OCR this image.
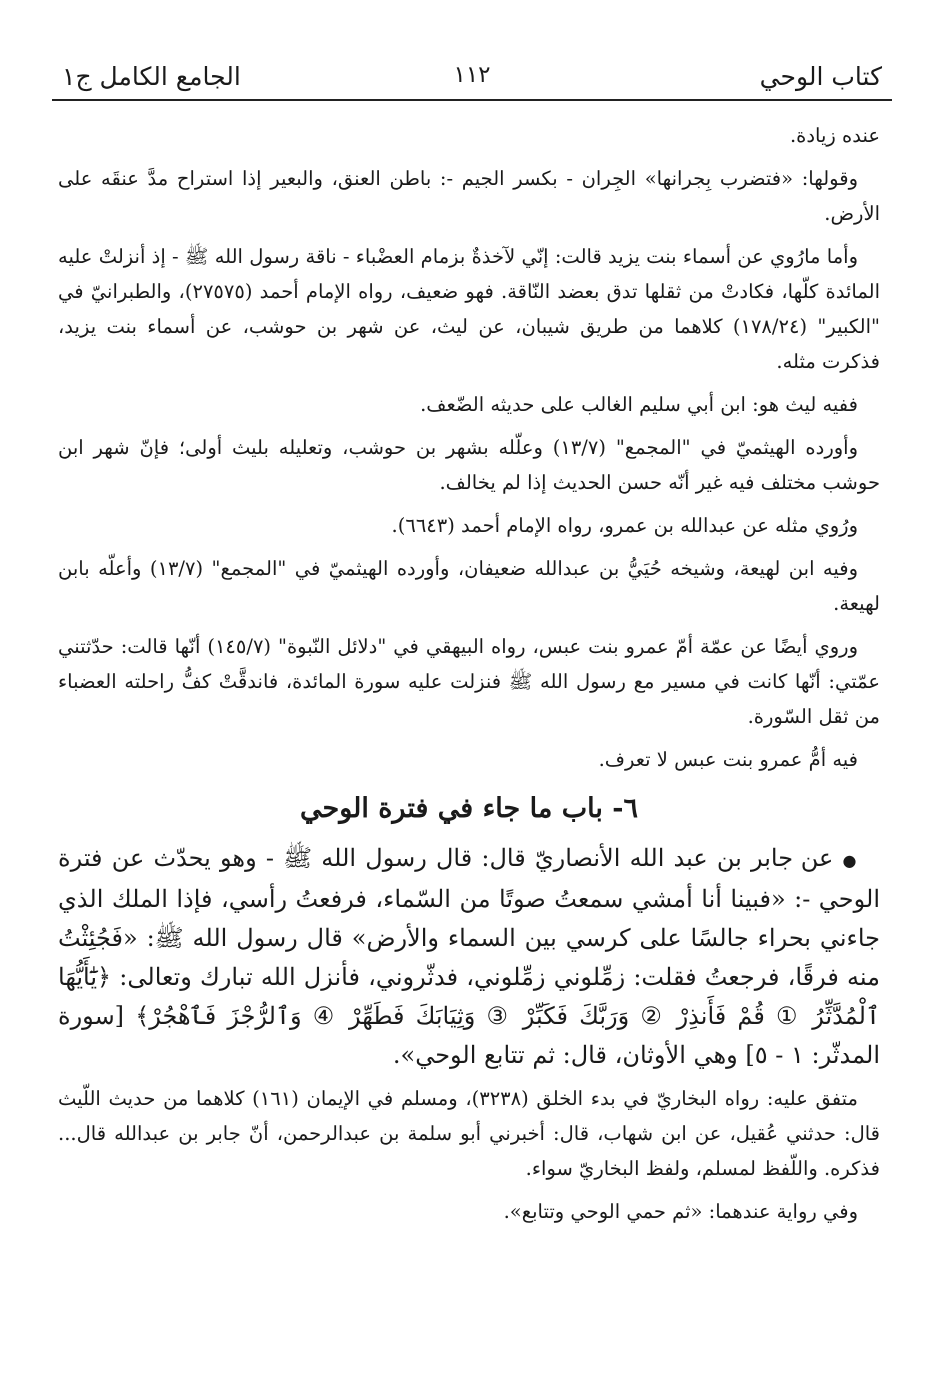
كتاب الوحي
١١٢
الجامع الكامل ج١

عنده زيادة.

وقولها: «فتضرب بِجرانها» الجِران - بكسر الجيم -: باطن العنق، والبعير إذا استراح مدَّ عنقَه على الأرض.

وأما مارُوي عن أسماء بنت يزيد قالت: إنّي لآخذةٌ بزمام العضْباء - ناقة رسول الله ﷺ - إذ أنزلتْ عليه المائدة كلّها، فكادتْ من ثقلها تدق بعضد النّاقة. فهو ضعيف، رواه الإمام أحمد (٢٧٥٧٥)، والطبرانيّ في "الكبير" (١٧٨/٢٤) كلاهما من طريق شيبان، عن ليث، عن شهر بن حوشب، عن أسماء بنت يزيد، فذكرت مثله.

ففيه ليث هو: ابن أبي سليم الغالب على حديثه الضّعف.

وأورده الهيثميّ في "المجمع" (١٣/٧) وعلّله بشهر بن حوشب، وتعليله بليث أولى؛ فإنّ شهر ابن حوشب مختلف فيه غير أنّه حسن الحديث إذا لم يخالف.

ورُوي مثله عن عبدالله بن عمرو، رواه الإمام أحمد (٦٦٤٣).

وفيه ابن لهيعة، وشيخه حُيَيُّ بن عبدالله ضعيفان، وأورده الهيثميّ في "المجمع" (١٣/٧) وأعلّه بابن لهيعة.

وروي أيضًا عن عمّة أمّ عمرو بنت عبس، رواه البيهقي في "دلائل النّبوة" (١٤٥/٧) أنّها قالت: حدّثتني عمّتي: أنّها كانت في مسير مع رسول الله ﷺ فنزلت عليه سورة المائدة، فاندقَّتْ كفُّ راحلته العضباء من ثقل السّورة.

فيه أمُّ عمرو بنت عبس لا تعرف.

٦- باب ما جاء في فترة الوحي

● عن جابر بن عبد الله الأنصاريّ قال: قال رسول الله ﷺ - وهو يحدّث عن فترة الوحي -: «فبينا أنا أمشي سمعتُ صوتًا من السّماء، فرفعتُ رأسي، فإذا الملك الذي جاءني بحراء جالسًا على كرسي بين السماء والأرض» قال رسول الله ﷺ: «فَجُئِثْتُ منه فرقًا، فرجعتُ فقلت: زمِّلوني زمِّلوني، فدثّروني، فأنزل الله تبارك وتعالى: ﴿يَٰٓأَيُّهَا ٱلْمُدَّثِّرُ ① قُمْ فَأَنذِرْ ② وَرَبَّكَ فَكَبِّرْ ③ وَثِيَابَكَ فَطَهِّرْ ④ وَٱلرُّجْزَ فَٱهْجُرْ﴾ [سورة المدثّر: ١ - ٥] وهي الأوثان، قال: ثم تتابع الوحي».

متفق عليه: رواه البخاريّ في بدء الخلق (٣٢٣٨)، ومسلم في الإيمان (١٦١) كلاهما من حديث اللّيث قال: حدثني عُقيل، عن ابن شهاب، قال: أخبرني أبو سلمة بن عبدالرحمن، أنّ جابر بن عبدالله قال... فذكره. واللّفظ لمسلم، ولفظ البخاريّ سواء.

وفي رواية عندهما: «ثم حمي الوحي وتتابع».
